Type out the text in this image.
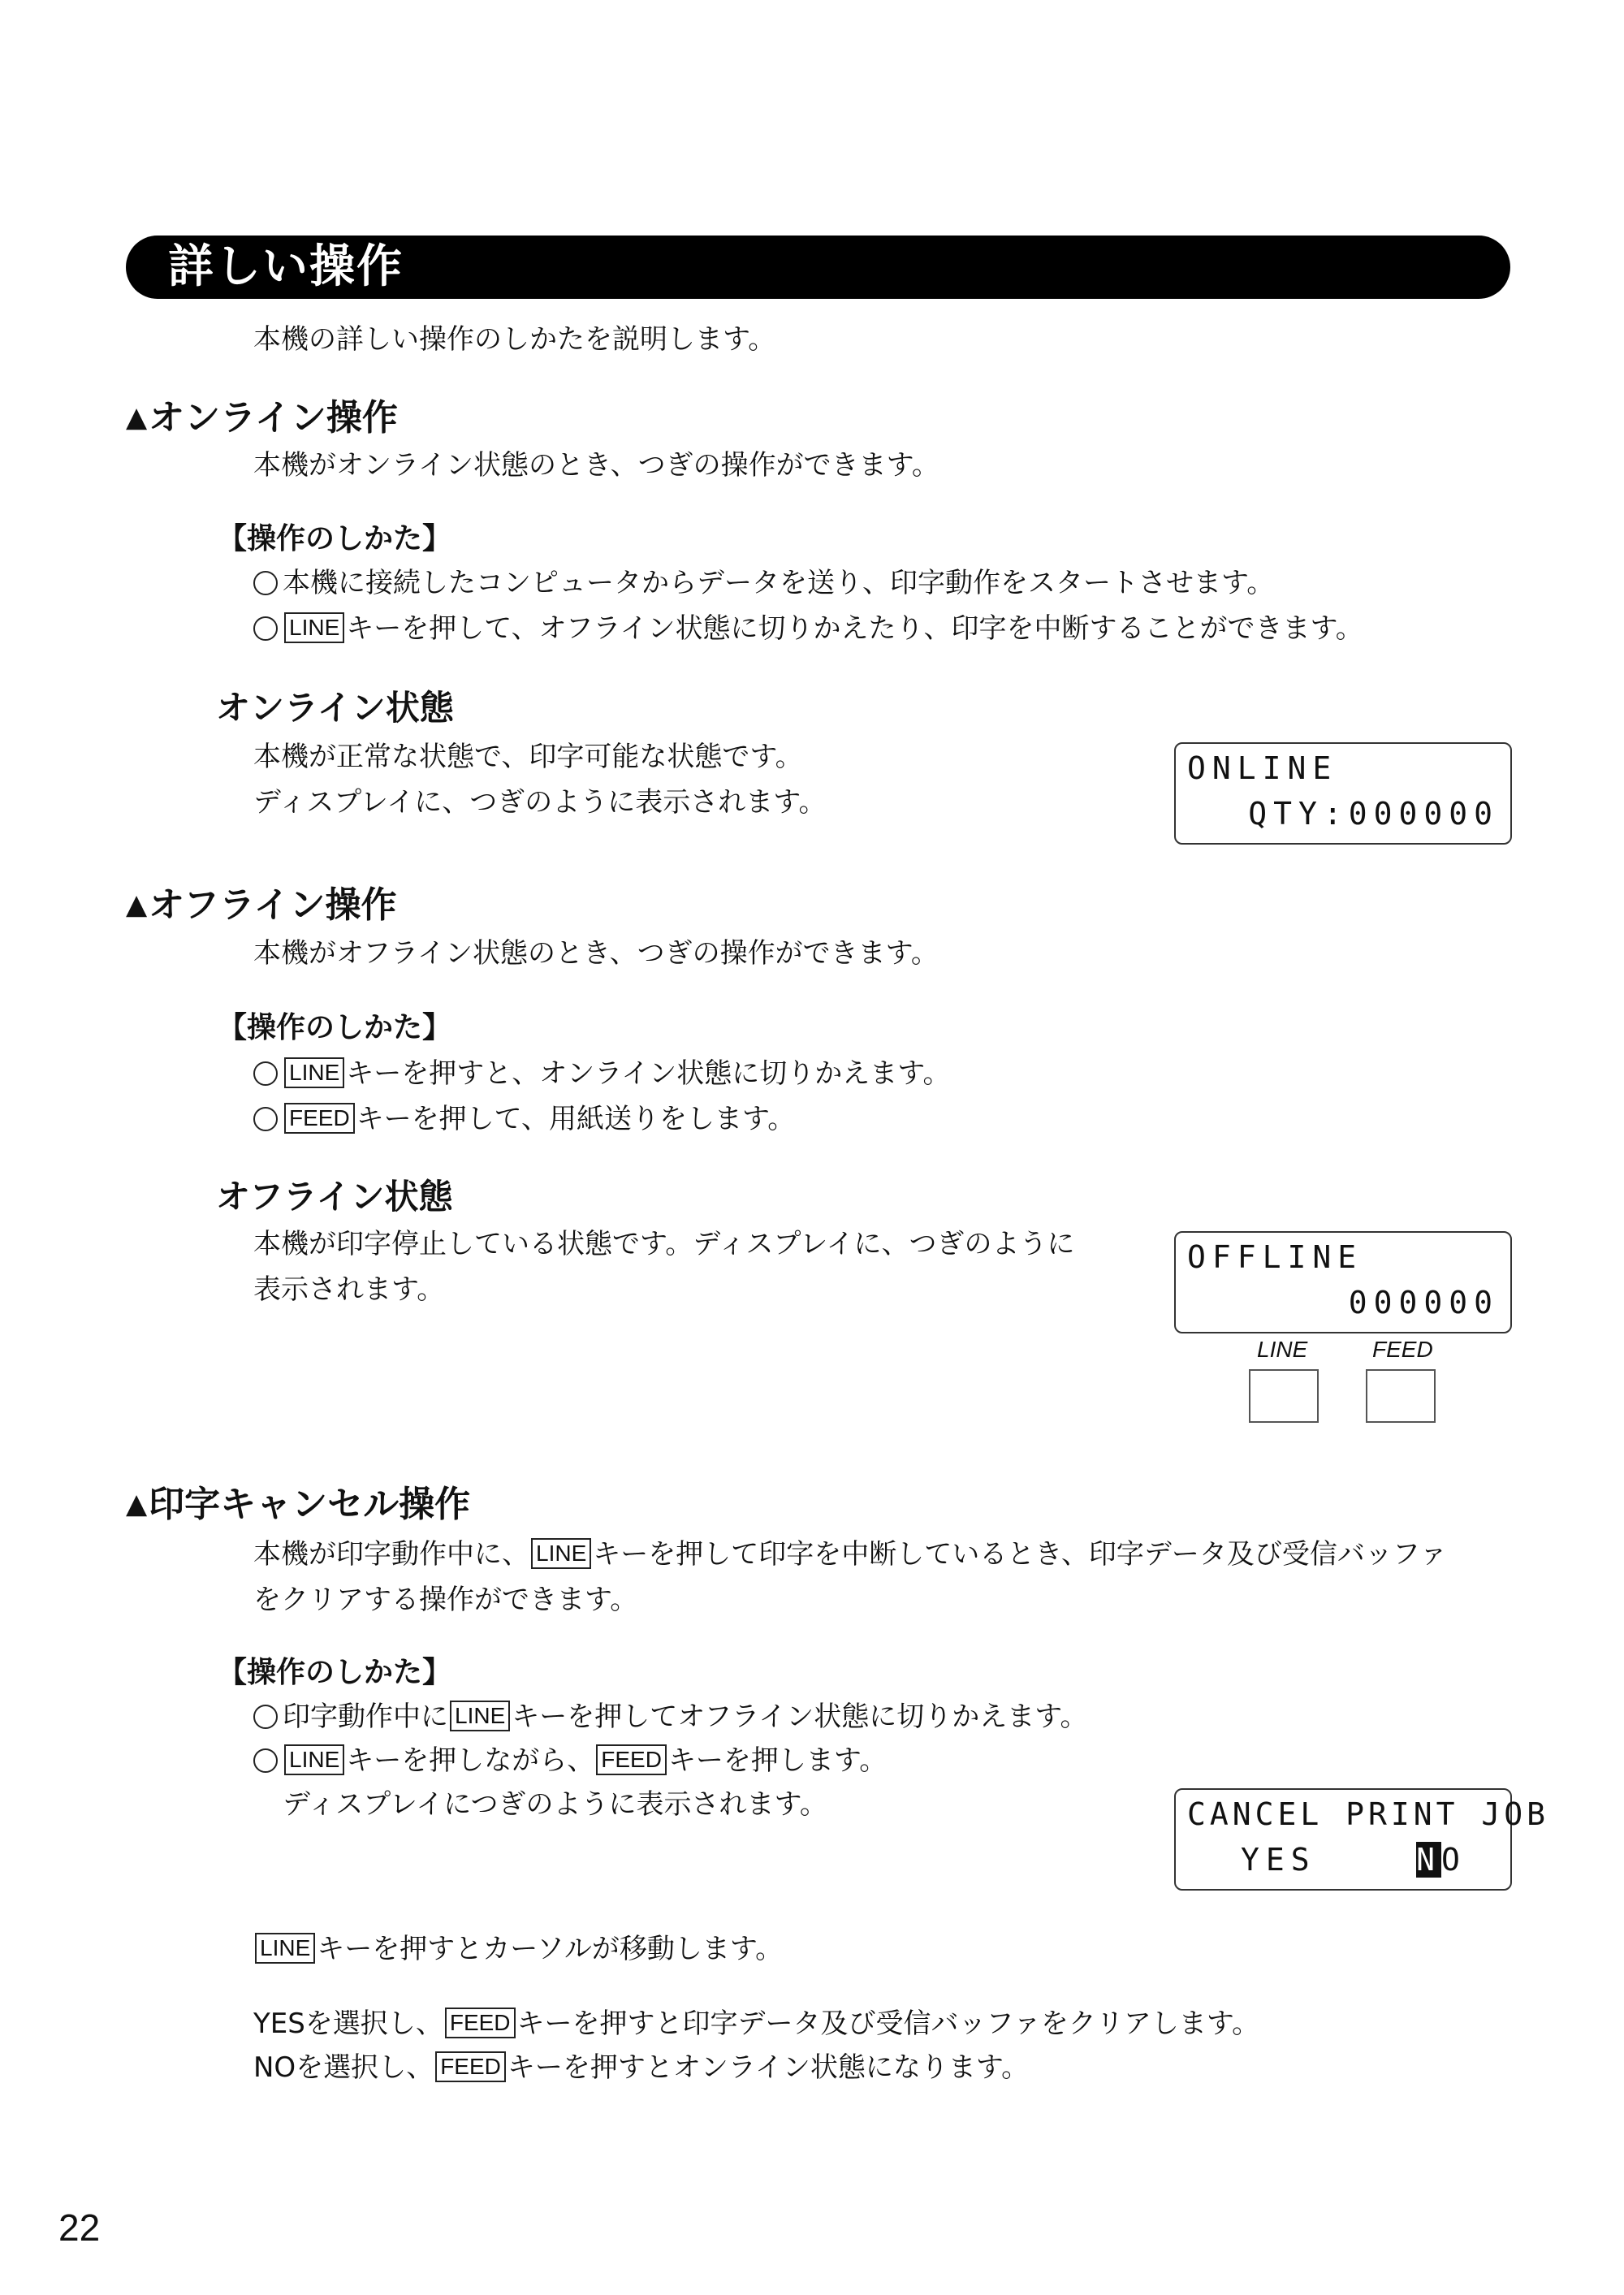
詳しい操作
本機の詳しい操作のしかたを説明します。
▲オンライン操作
本機がオンライン状態のとき、つぎの操作ができます。
【操作のしかた】
本機に接続したコンピュータからデータを送り、印字動作をスタートさせます。
LINE キーを押して、オフライン状態に切りかえたり、印字を中断することができます。
オンライン状態
本機が正常な状態で、印字可能な状態です。
ディスプレイに、つぎのように表示されます。

ONLINE

QTY:000000

▲オフライン操作
本機がオフライン状態のとき、つぎの操作ができます。
【操作のしかた】
LINE キーを押すと、オンライン状態に切りかえます。
FEED キーを押して、用紙送りをします。
オフライン状態
本機が印字停止している状態です。ディスプレイに、つぎのように
表示されます。

OFFLINE

000000

LINE	FEED
▲印字キャンセル操作
本機が印字動作中に、 LINE キーを押して印字を中断しているとき、印字データ及び受信バッファ
をクリアする操作ができます。
【操作のしかた】
印字動作中に LINE キーを押してオフライン状態に切りかえます。
LINE キーを押しながら、 FEED キーを押します。
ディスプレイにつぎのように表示されます。

	CANCEL PRINT JOB

YES	NO

LINE キーを押すとカーソルが移動します。
YESを選択し、 FEED キーを押すと印字データ及び受信バッファをクリアします。
NOを選択し、 FEED キーを押すとオンライン状態になります。
22
